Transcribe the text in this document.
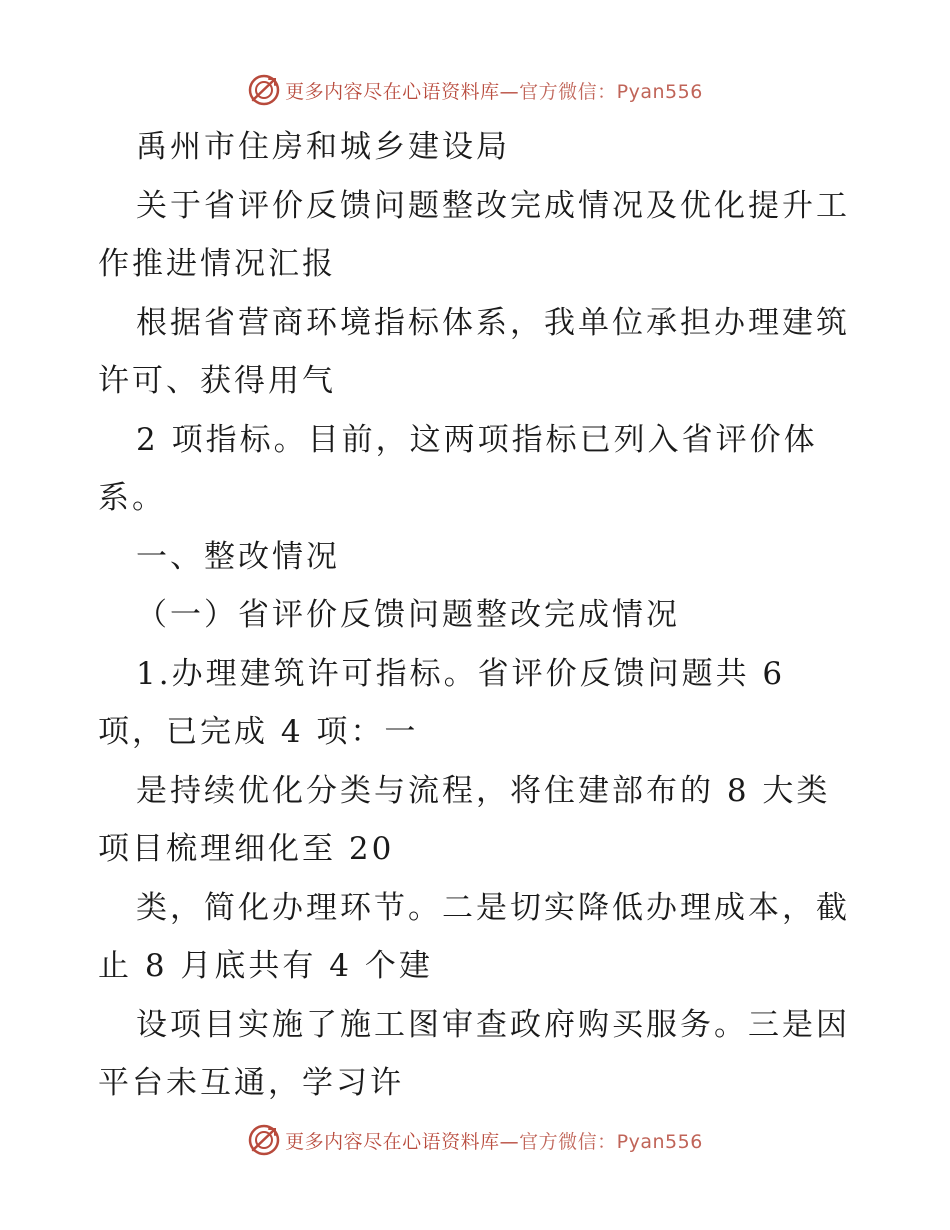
更多内容尽在心语资料库—官方微信：Pyan556
禹州市住房和城乡建设局
关于省评价反馈问题整改完成情况及优化提升工
作推进情况汇报
根据省营商环境指标体系，我单位承担办理建筑
许可、获得用气
2 项指标。目前，这两项指标已列入省评价体
系。
一、整改情况
（一）省评价反馈问题整改完成情况
1.办理建筑许可指标。省评价反馈问题共 6
项，已完成 4 项：一
是持续优化分类与流程，将住建部布的 8 大类
项目梳理细化至 20
类，简化办理环节。二是切实降低办理成本，截
止 8 月底共有 4 个建
设项目实施了施工图审查政府购买服务。三是因
平台未互通，学习许
更多内容尽在心语资料库—官方微信：Pyan556
